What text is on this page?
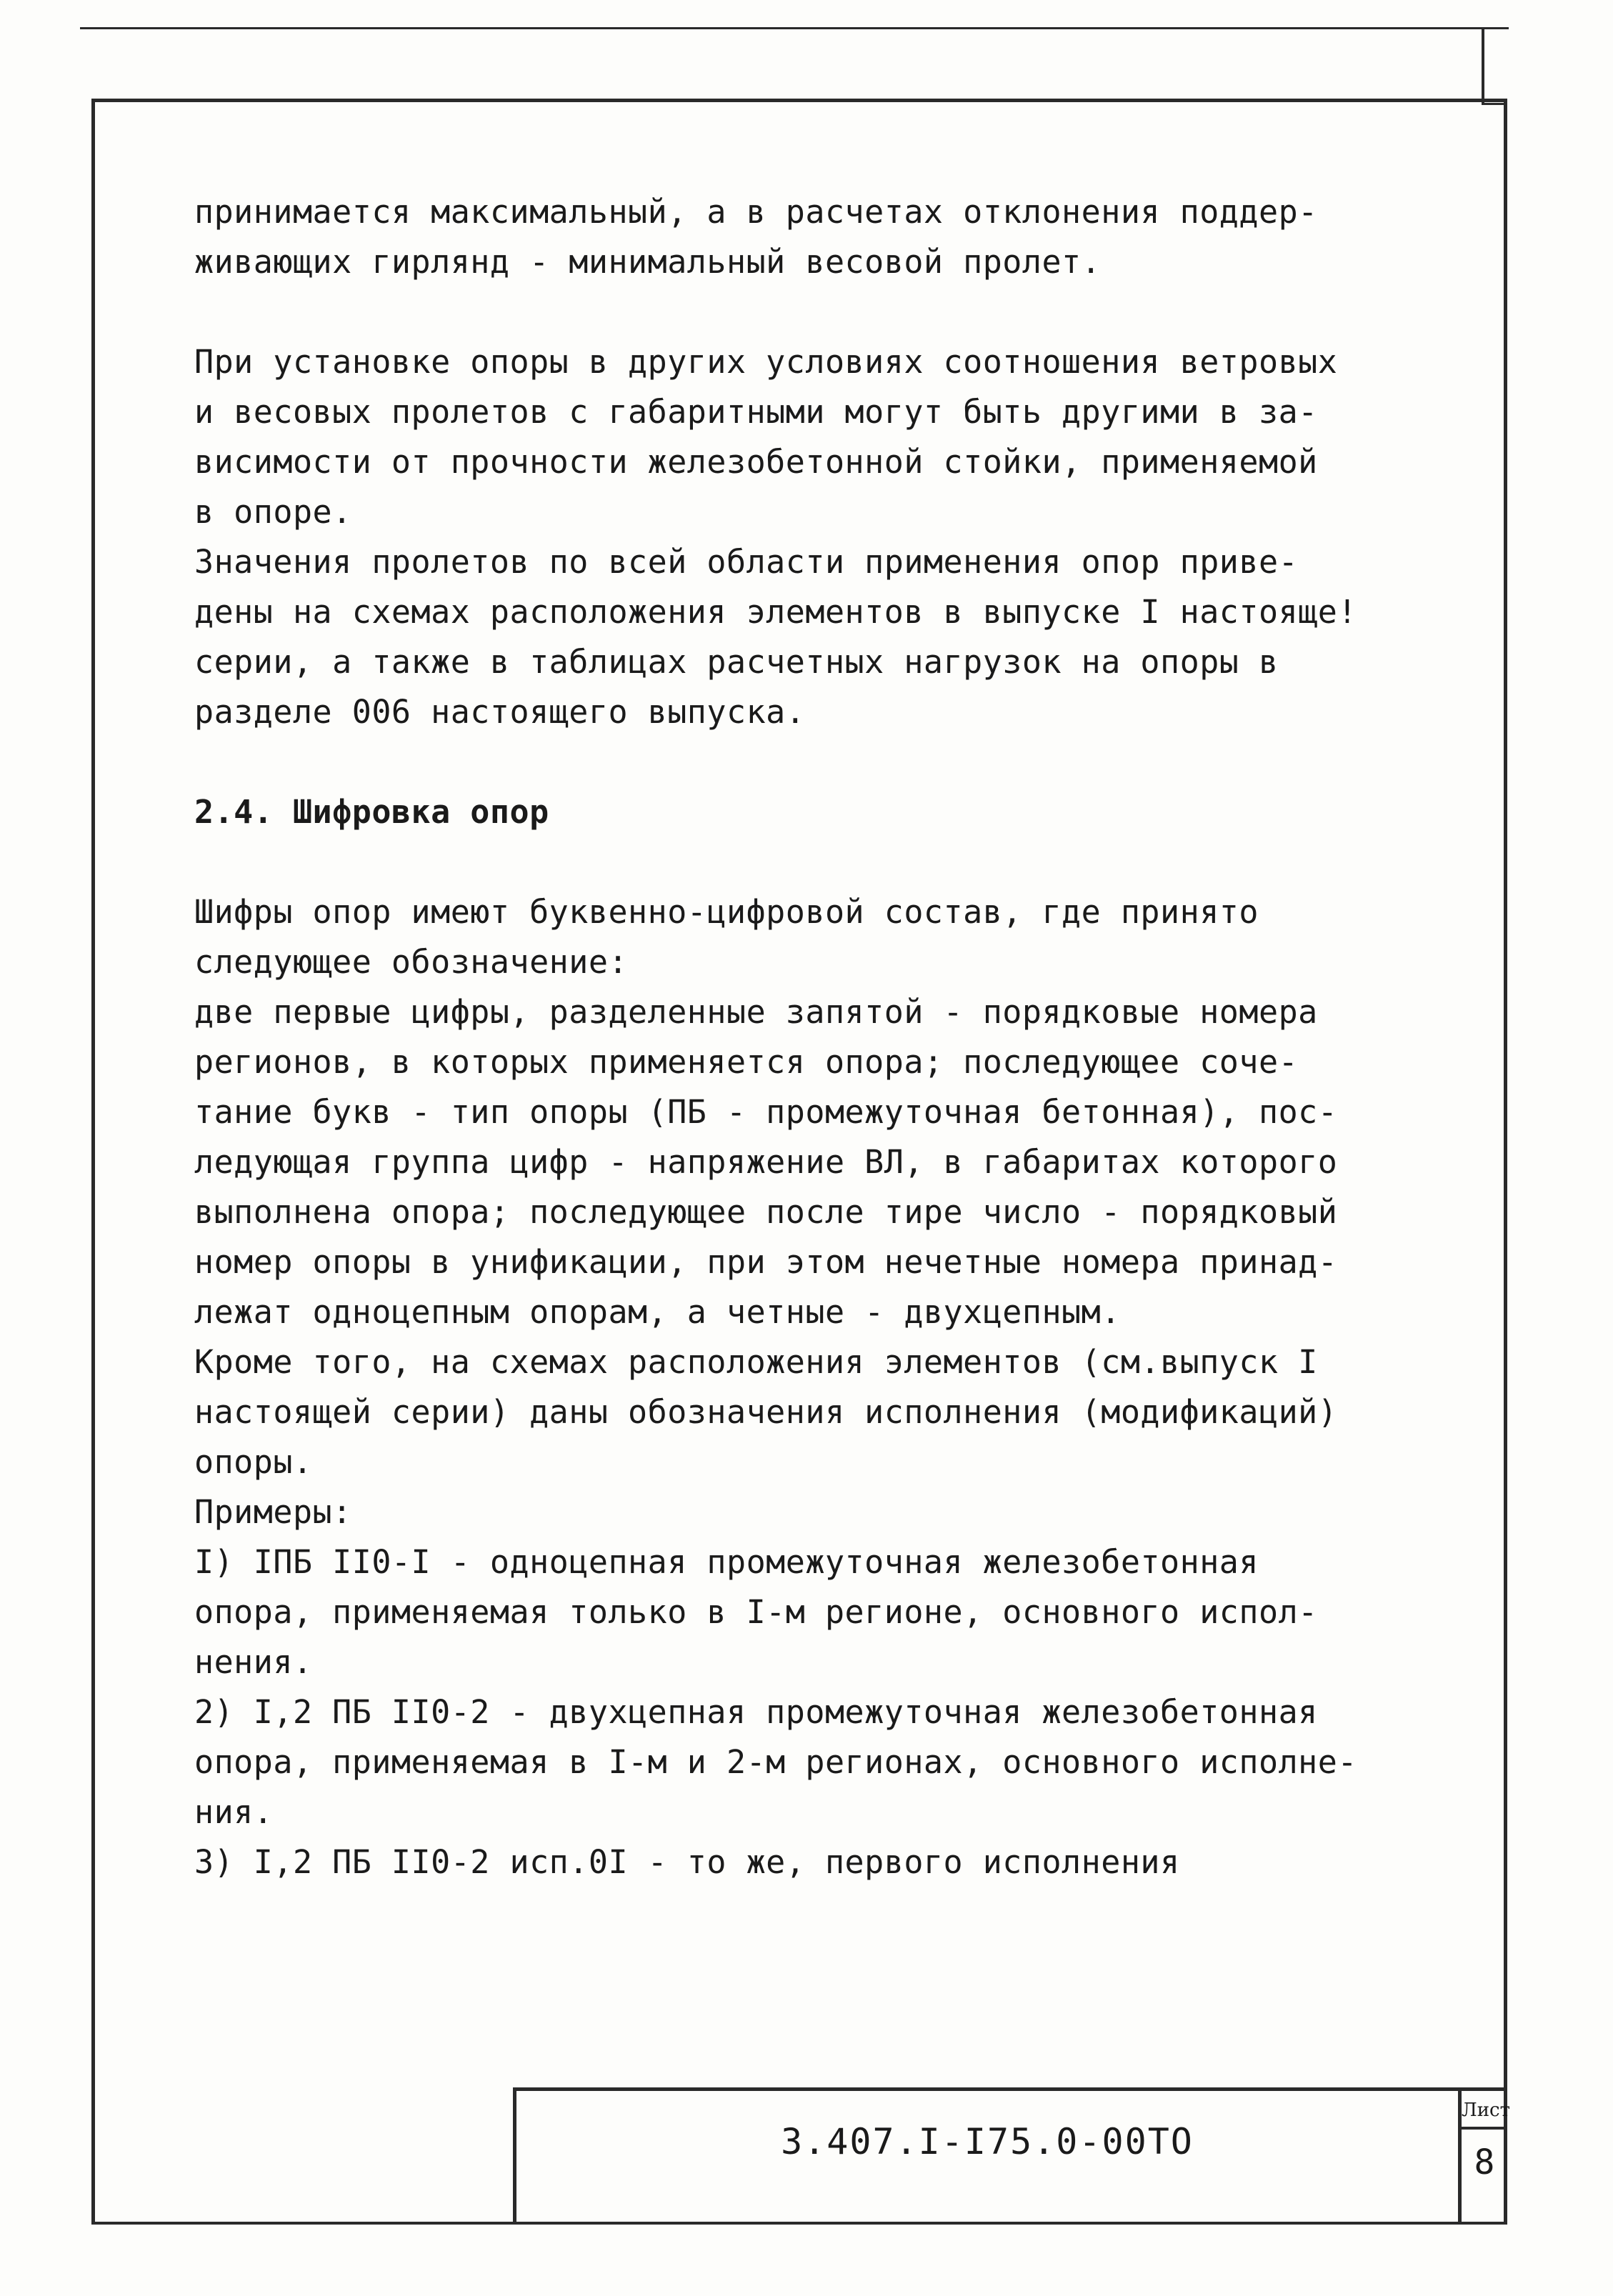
принимается максимальный, а в расчетах отклонения поддер-
живающих гирлянд - минимальный весовой пролет.

При установке опоры в других условиях соотношения ветровых
и весовых пролетов с габаритными могут быть другими в за-
висимости от прочности железобетонной стойки, применяемой
в опоре.

Значения пролетов по всей области применения опор приве-
дены на схемах расположения элементов в выпуске I настояще!
серии, а также в таблицах расчетных нагрузок на опоры в
разделе 006 настоящего выпуска.

2.4. Шифровка опор

Шифры опор имеют буквенно-цифровой состав, где принято
следующее обозначение:

две первые цифры, разделенные запятой - порядковые номера
регионов, в которых применяется опора; последующее соче-
тание букв - тип опоры (ПБ - промежуточная бетонная), пос-
ледующая группа цифр - напряжение ВЛ, в габаритах которого
выполнена опора; последующее после тире число - порядковый
номер опоры в унификации, при этом нечетные номера принад-
лежат одноцепным опорам, а четные - двухцепным.

Кроме того, на схемах расположения элементов (см.выпуск I
настоящей серии) даны обозначения исполнения (модификаций)
опоры.

Примеры:

I) IПБ II0-I - одноцепная промежуточная железобетонная
опора, применяемая только в I-м регионе, основного испол-
нения.

2) I,2 ПБ II0-2 - двухцепная промежуточная железобетонная
опора, применяемая в I-м и 2-м регионах, основного исполне-
ния.

3) I,2 ПБ II0-2 исп.0I - то же, первого исполнения

3.407.I-I75.0-00ТО
Лист
8
